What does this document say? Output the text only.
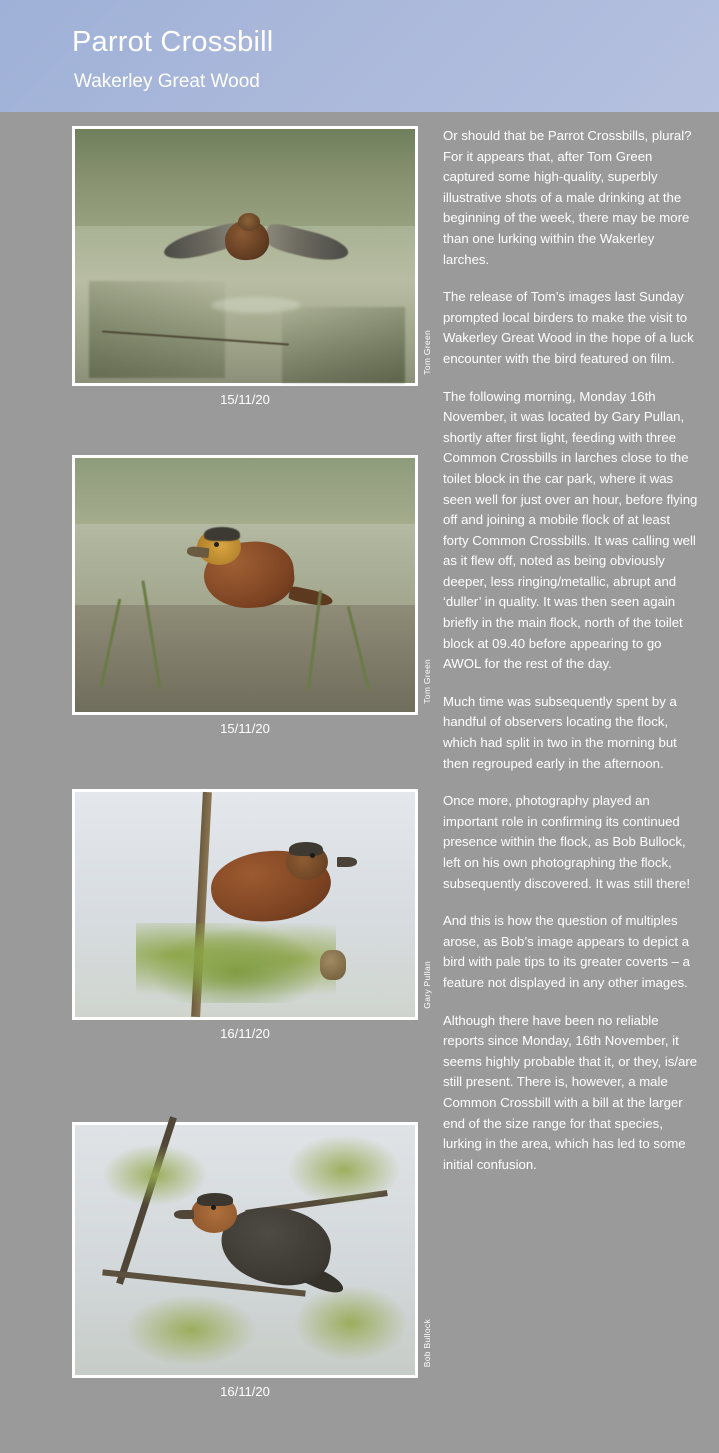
Parrot Crossbill
Wakerley Great Wood
Tom Green
15/11/20
Tom Green
15/11/20
Gary Pullan
16/11/20
Bob Bullock
16/11/20

Or should that be Parrot Crossbills, plural? For it appears that, after Tom Green captured some high-quality, superbly illustrative shots of a male drinking at the beginning of the week, there may be more than one lurking within the Wakerley larches.

The release of Tom’s images last Sunday prompted local birders to make the visit to Wakerley Great Wood in the hope of a luck encounter with the bird featured on film.

The following morning, Monday 16th November, it was located by Gary Pullan, shortly after first light, feeding with three Common Crossbills in larches close to the toilet block in the car park, where it was seen well for just over an hour, before flying off and joining a mobile flock of at least forty Common Crossbills. It was calling well as it flew off, noted as being obviously deeper, less ringing/metallic, abrupt and ‘duller’ in quality. It was then seen again briefly in the main flock, north of the toilet block at 09.40 before appearing to go AWOL for the rest of the day.

Much time was subsequently spent by a handful of observers locating the flock, which had split in two in the morning but then regrouped early in the afternoon.

Once more, photography played an important role in confirming its continued presence within the flock, as Bob Bullock, left on his own photographing the flock, subsequently discovered. It was still there!

And this is how the question of multiples arose, as Bob’s image appears to depict a bird with pale tips to its greater coverts – a feature not displayed in any other images.

Although there have been no reliable reports since Monday, 16th November, it seems highly probable that it, or they, is/are still present. There is, however, a male Common Crossbill with a bill at the larger end of the size range for that species, lurking in the area, which has led to some initial confusion.
